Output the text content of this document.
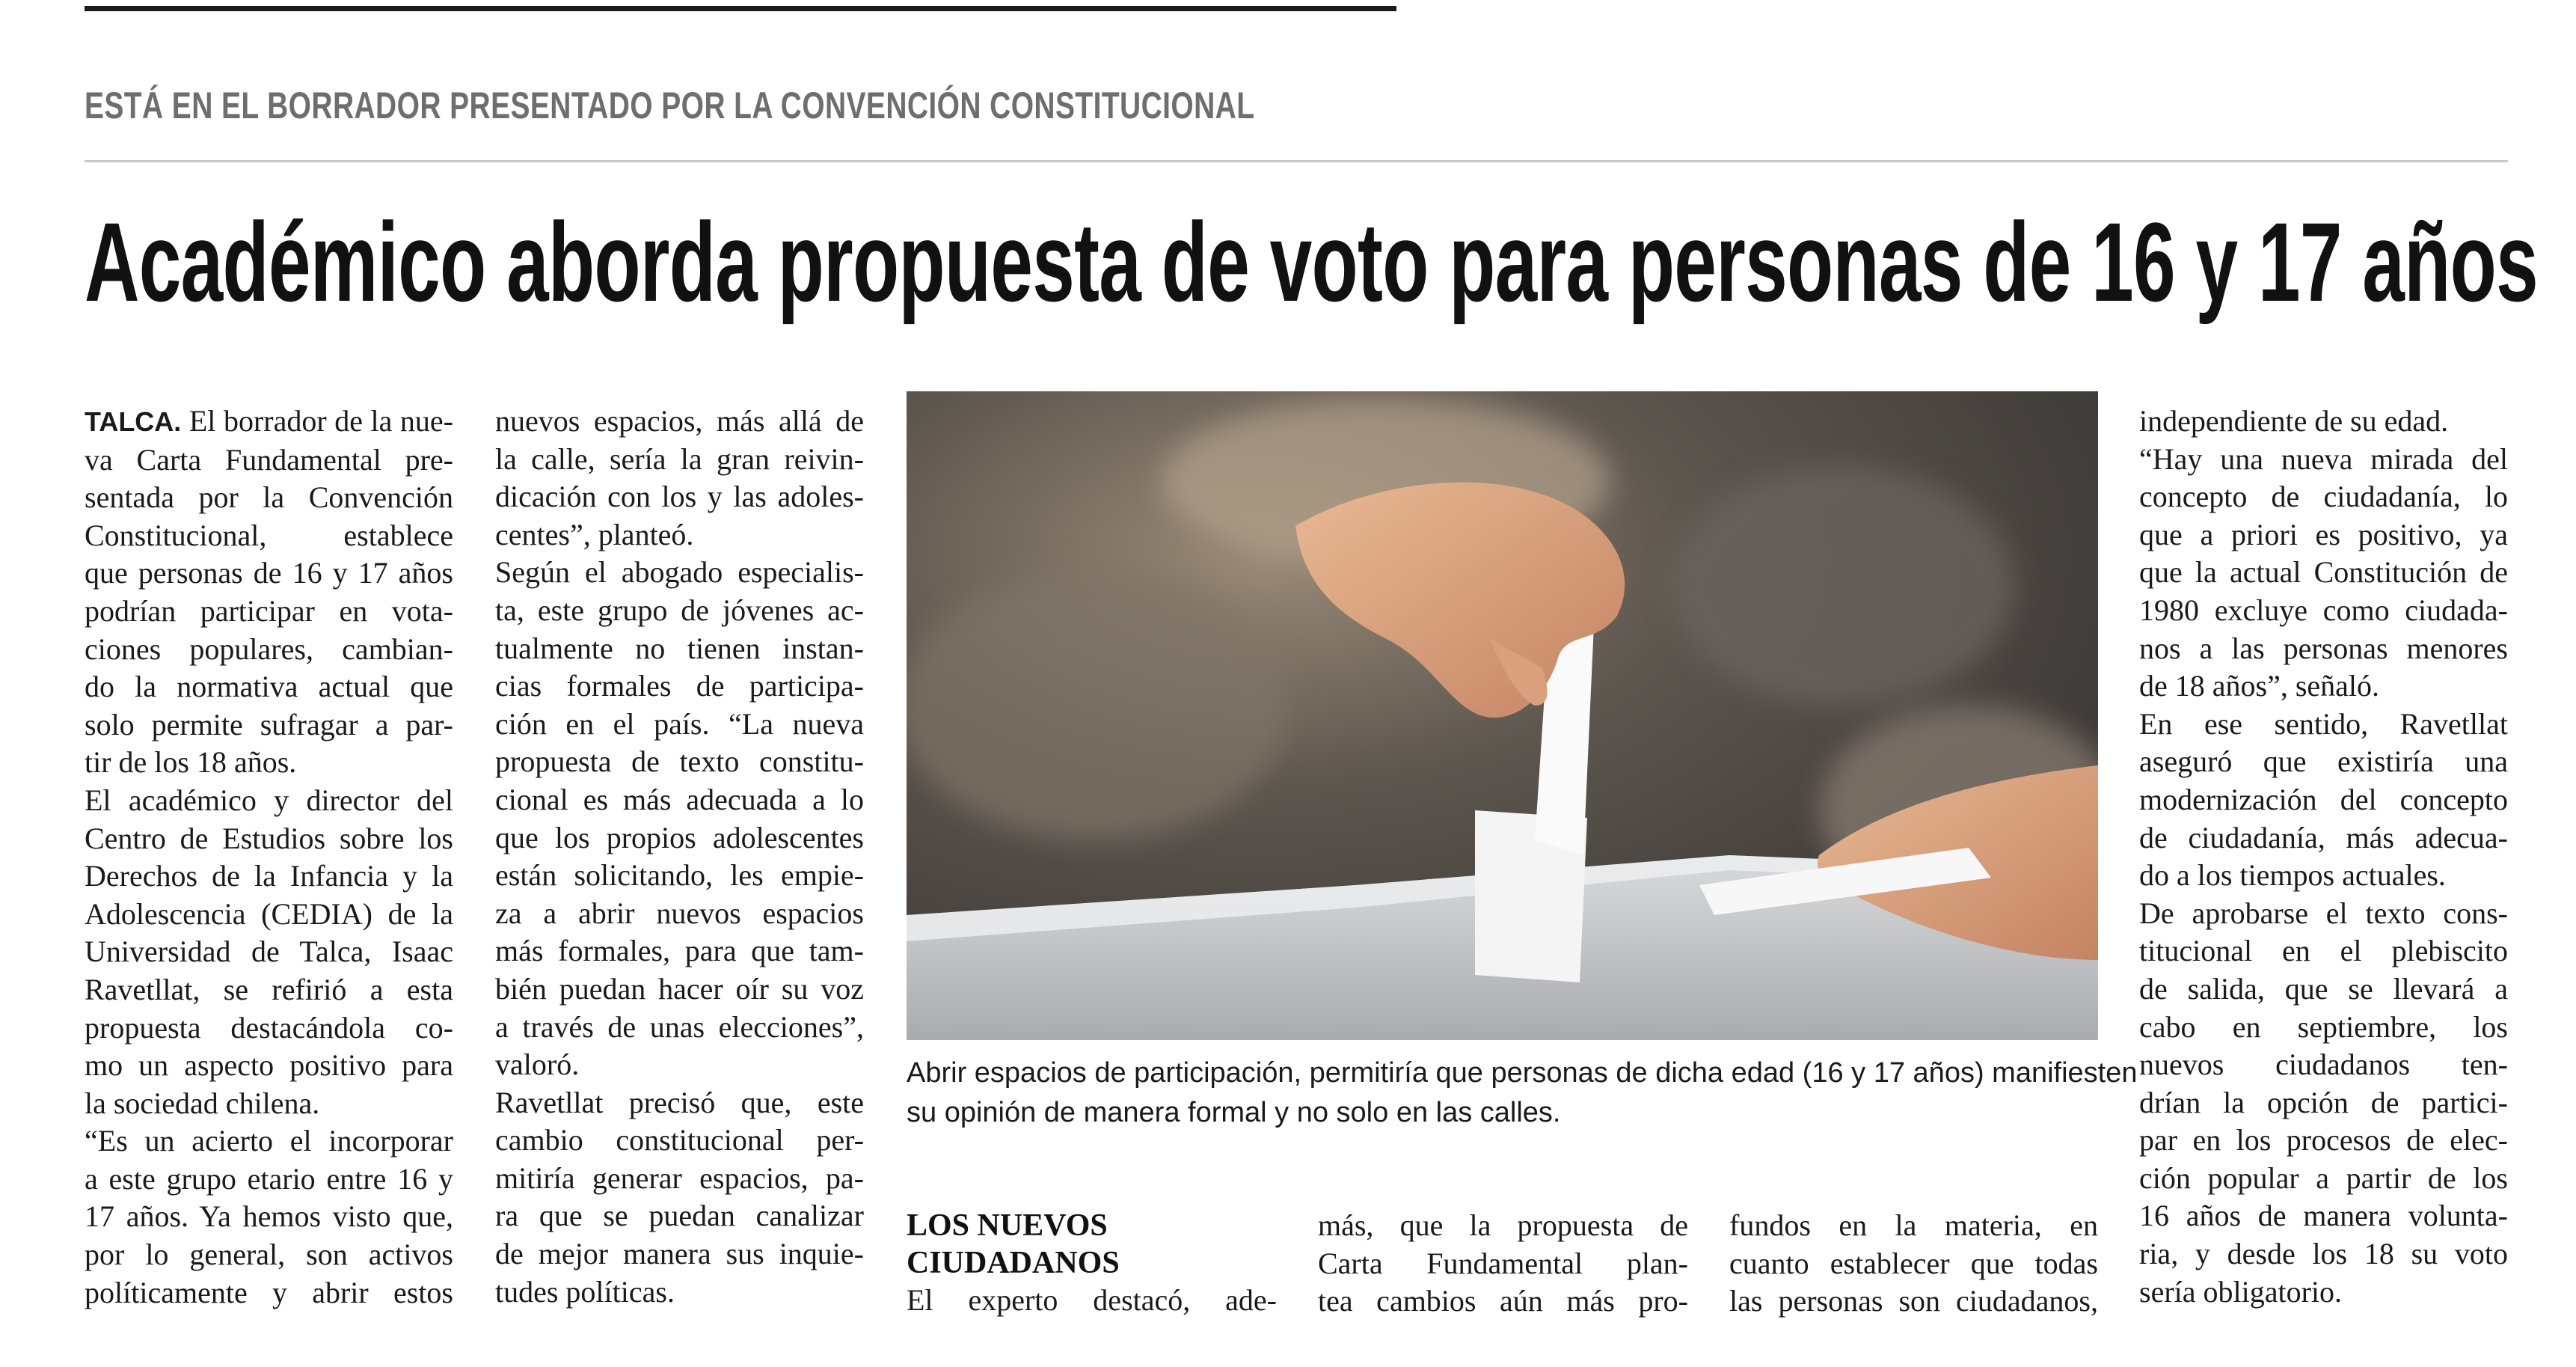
ESTÁ EN EL BORRADOR PRESENTADO POR LA CONVENCIÓN CONSTITUCIONAL
Académico aborda propuesta de voto para personas de 16 y 17 años

TALCA. El borrador de la nue-

va Carta Fundamental pre-

sentada por la Convención

Constitucional, establece

que personas de 16 y 17 años

podrían participar en vota-

ciones populares, cambian-

do la normativa actual que

solo permite sufragar a par-

tir de los 18 años.

El académico y director del

Centro de Estudios sobre los

Derechos de la Infancia y la

Adolescencia (CEDIA) de la

Universidad de Talca, Isaac

Ravetllat, se refirió a esta

propuesta destacándola co-

mo un aspecto positivo para

la sociedad chilena.

“Es un acierto el incorporar

a este grupo etario entre 16 y

17 años. Ya hemos visto que,

por lo general, son activos

políticamente y abrir estos

nuevos espacios, más allá de

la calle, sería la gran reivin-

dicación con los y las adoles-

centes”, planteó.

Según el abogado especialis-

ta, este grupo de jóvenes ac-

tualmente no tienen instan-

cias formales de participa-

ción en el país. “La nueva

propuesta de texto constitu-

cional es más adecuada a lo

que los propios adolescentes

están solicitando, les empie-

za a abrir nuevos espacios

más formales, para que tam-

bién puedan hacer oír su voz

a través de unas elecciones”,

valoró.

Ravetllat precisó que, este

cambio constitucional per-

mitiría generar espacios, pa-

ra que se puedan canalizar

de mejor manera sus inquie-

tudes políticas.

Abrir espacios de participación, permitiría que personas de dicha edad (16 y 17 años) manifiesten

su opinión de manera formal y no solo en las calles.

LOS NUEVOS
CIUDADANOS

El experto destacó, ade-

más, que la propuesta de

Carta Fundamental plan-

tea cambios aún más pro-

fundos en la materia, en

cuanto establecer que todas

las personas son ciudadanos,

independiente de su edad.

“Hay una nueva mirada del

concepto de ciudadanía, lo

que a priori es positivo, ya

que la actual Constitución de

1980 excluye como ciudada-

nos a las personas menores

de 18 años”, señaló.

En ese sentido, Ravetllat

aseguró que existiría una

modernización del concepto

de ciudadanía, más adecua-

do a los tiempos actuales.

De aprobarse el texto cons-

titucional en el plebiscito

de salida, que se llevará a

cabo en septiembre, los

nuevos ciudadanos ten-

drían la opción de partici-

par en los procesos de elec-

ción popular a partir de los

16 años de manera volunta-

ria, y desde los 18 su voto

sería obligatorio.
